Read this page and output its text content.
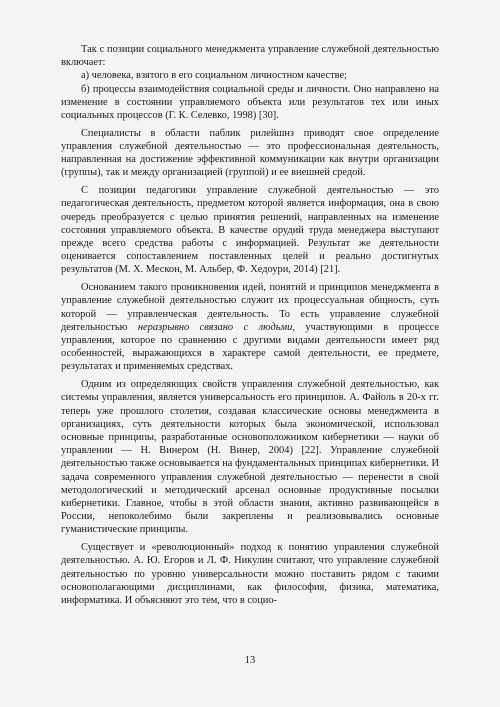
Так с позиции социального менеджмента управление служебной деятельностью включает:

а) человека, взятого в его социальном личностном качестве;

б) процессы взаимодействия социальной среды и личности. Оно направлено на изменение в состоянии управляемого объекта или результатов тех или иных социальных процессов (Г. К. Селевко, 1998) [30].

Специалисты в области паблик рилейшнз приводят свое определение управления служебной деятельностью — это профессиональная деятельность, направленная на достижение эффективной коммуникации как внутри организации (группы), так и между организацией (группой) и ее внешней средой.

С позиции педагогики управление служебной деятельностью — это педагогическая деятельность, предметом которой является информация, она в свою очередь преобразуется с целью принятия решений, направленных на изменение состояния управляемого объекта. В качестве орудий труда менеджера выступают прежде всего средства работы с информацией. Результат же деятельности оценивается сопоставлением поставленных целей и реально достигнутых результатов (М. Х. Мескон, М. Альбер, Ф. Хедоури, 2014) [21].

Основанием такого проникновения идей, понятий и принципов менеджмента в управление служебной деятельностью служит их процессуальная общность, суть которой — управленческая деятельность. То есть управление служебной деятельностью неразрывно связано с людьми, участвующими в процессе управления, которое по сравнению с другими видами деятельности имеет ряд особенностей, выражающихся в характере самой деятельности, ее предмете, результатах и применяемых средствах.

Одним из определяющих свойств управления служебной деятельностью, как системы управления, является универсальность его принципов. А. Файоль в 20-х гг. теперь уже прошлого столетия, создавая классические основы менеджмента в организациях, суть деятельности которых была экономической, использовал основные принципы, разработанные основоположником кибернетики — науки об управлении — Н. Винером (Н. Винер, 2004) [22]. Управление служебной деятельностью также основывается на фундаментальных принципах кибернетики. И задача современного управления служебной деятельностью — перенести в свой методологический и методический арсенал основные продуктивные посылки кибернетики. Главное, чтобы в этой области знания, активно развивающейся в России, непоколебимо были закреплены и реализовывались основные гуманистические принципы.

Существует и «революционный» подход к понятию управления служебной деятельностью. А. Ю. Егоров и Л. Ф. Никулин считают, что управление служебной деятельностью по уровню универсальности можно поставить рядом с такими основополагающими дисциплинами, как философия, физика, математика, информатика. И объясняют это тем, что в социо-

13
